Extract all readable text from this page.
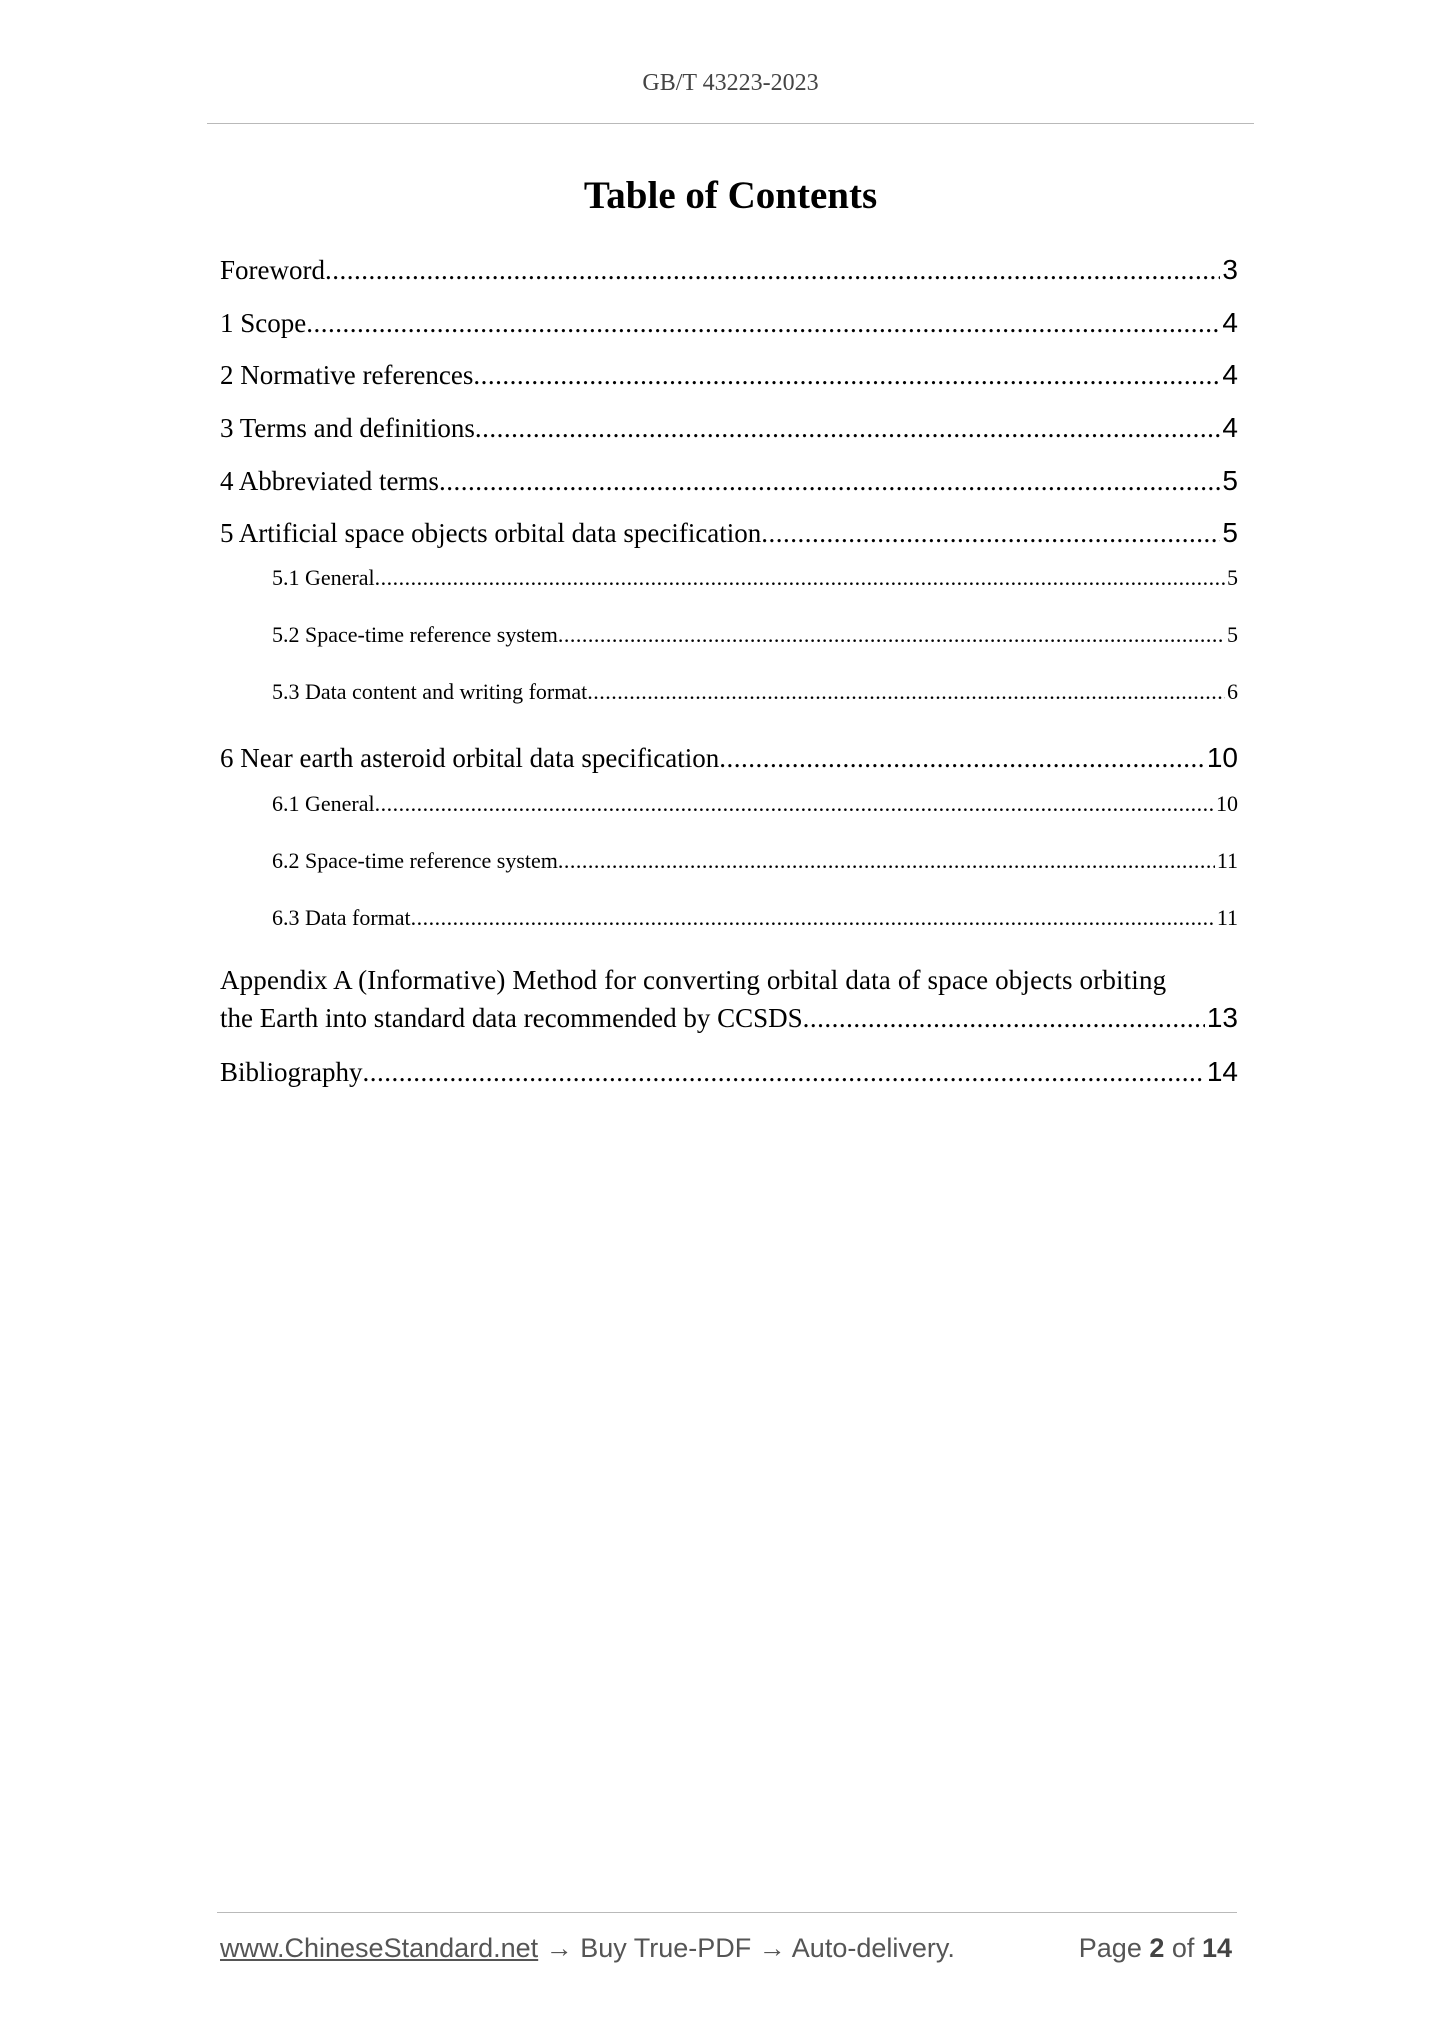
GB/T 43223-2023
Table of Contents
Foreword .....	3
1 Scope .....	4
2 Normative references .....	4
3 Terms and definitions .....	4
4 Abbreviated terms .....	5
5 Artificial space objects orbital data specification .....	5
5.1 General .....	5
5.2 Space-time reference system .....	5
5.3 Data content and writing format .....	6
6 Near earth asteroid orbital data specification .....	10
6.1 General .....	10
6.2 Space-time reference system .....	11
6.3 Data format .....	11
Appendix A (Informative) Method for converting orbital data of space objects orbiting
the Earth into standard data recommended by CCSDS .....	13
Bibliography .....	14
www.ChineseStandard.net → Buy True-PDF → Auto-delivery.	Page 2 of 14
